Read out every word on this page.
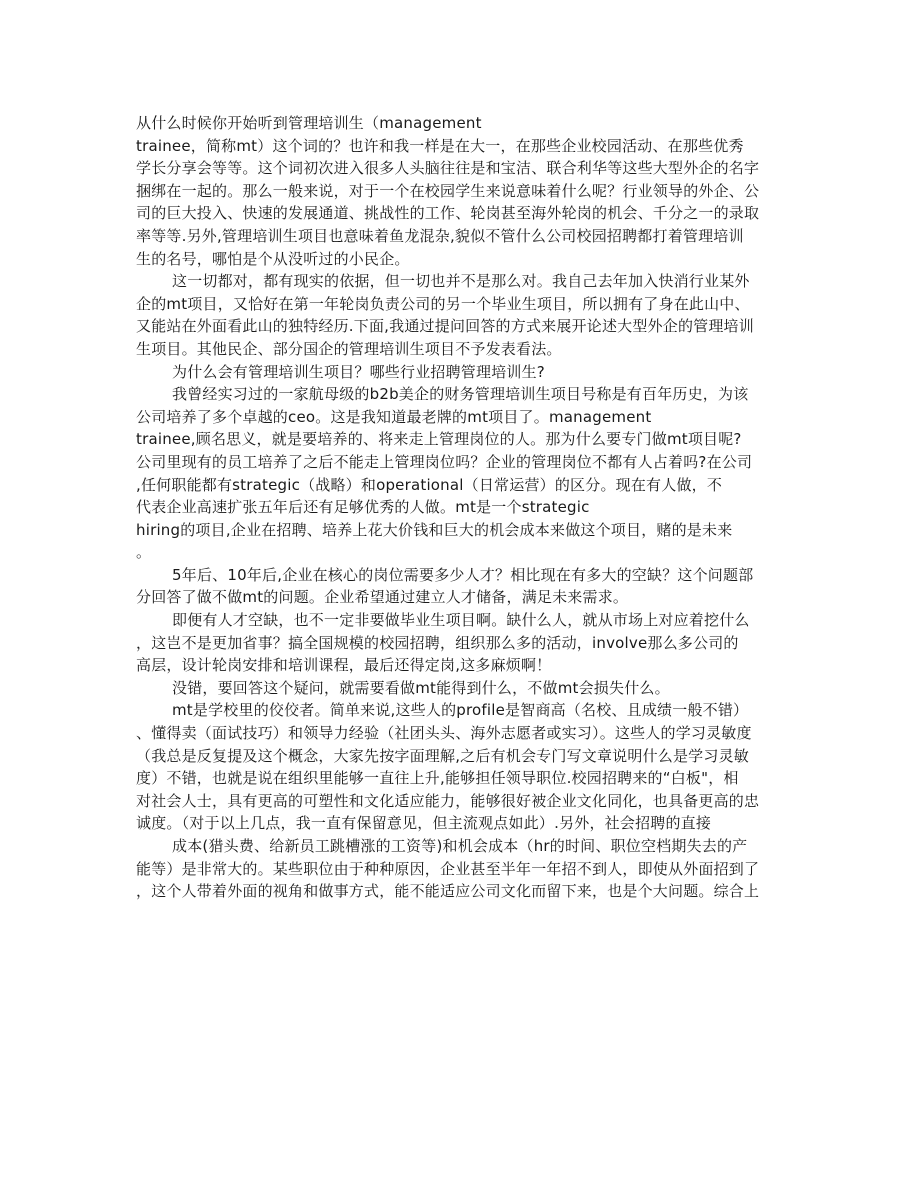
从什么时候你开始听到管理培训生（management
trainee，简称mt）这个词的？也许和我一样是在大一，在那些企业校园活动、在那些优秀
学长分享会等等。这个词初次进入很多人头脑往往是和宝洁、联合利华等这些大型外企的名字
捆绑在一起的。那么一般来说，对于一个在校园学生来说意味着什么呢？行业领导的外企、公
司的巨大投入、快速的发展通道、挑战性的工作、轮岗甚至海外轮岗的机会、千分之一的录取
率等等.另外,管理培训生项目也意味着鱼龙混杂,貌似不管什么公司校园招聘都打着管理培训
生的名号，哪怕是个从没听过的小民企。
这一切都对，都有现实的依据，但一切也并不是那么对。我自己去年加入快消行业某外
企的mt项目，又恰好在第一年轮岗负责公司的另一个毕业生项目，所以拥有了身在此山中、
又能站在外面看此山的独特经历.下面,我通过提问回答的方式来展开论述大型外企的管理培训
生项目。其他民企、部分国企的管理培训生项目不予发表看法。
为什么会有管理培训生项目？哪些行业招聘管理培训生?
我曾经实习过的一家航母级的b2b美企的财务管理培训生项目号称是有百年历史，为该
公司培养了多个卓越的ceo。这是我知道最老牌的mt项目了。management
trainee,顾名思义，就是要培养的、将来走上管理岗位的人。那为什么要专门做mt项目呢?
公司里现有的员工培养了之后不能走上管理岗位吗？企业的管理岗位不都有人占着吗?在公司
,任何职能都有strategic（战略）和operational（日常运营）的区分。现在有人做，不
代表企业高速扩张五年后还有足够优秀的人做。mt是一个strategic
hiring的项目,企业在招聘、培养上花大价钱和巨大的机会成本来做这个项目，赌的是未来
。
5年后、10年后,企业在核心的岗位需要多少人才？相比现在有多大的空缺？这个问题部
分回答了做不做mt的问题。企业希望通过建立人才储备，满足未来需求。
即便有人才空缺，也不一定非要做毕业生项目啊。缺什么人，就从市场上对应着挖什么
，这岂不是更加省事？搞全国规模的校园招聘，组织那么多的活动，involve那么多公司的
高层，设计轮岗安排和培训课程，最后还得定岗,这多麻烦啊！
没错，要回答这个疑问，就需要看做mt能得到什么，不做mt会损失什么。
mt是学校里的佼佼者。简单来说,这些人的profile是智商高（名校、且成绩一般不错）
、懂得卖（面试技巧）和领导力经验（社团头头、海外志愿者或实习）。这些人的学习灵敏度
（我总是反复提及这个概念，大家先按字面理解,之后有机会专门写文章说明什么是学习灵敏
度）不错，也就是说在组织里能够一直往上升,能够担任领导职位.校园招聘来的“白板"，相
对社会人士，具有更高的可塑性和文化适应能力，能够很好被企业文化同化，也具备更高的忠
诚度。（对于以上几点，我一直有保留意见，但主流观点如此）.另外，社会招聘的直接
成本(猎头费、给新员工跳槽涨的工资等)和机会成本（hr的时间、职位空档期失去的产
能等）是非常大的。某些职位由于种种原因，企业甚至半年一年招不到人，即使从外面招到了
，这个人带着外面的视角和做事方式，能不能适应公司文化而留下来，也是个大问题。综合上
